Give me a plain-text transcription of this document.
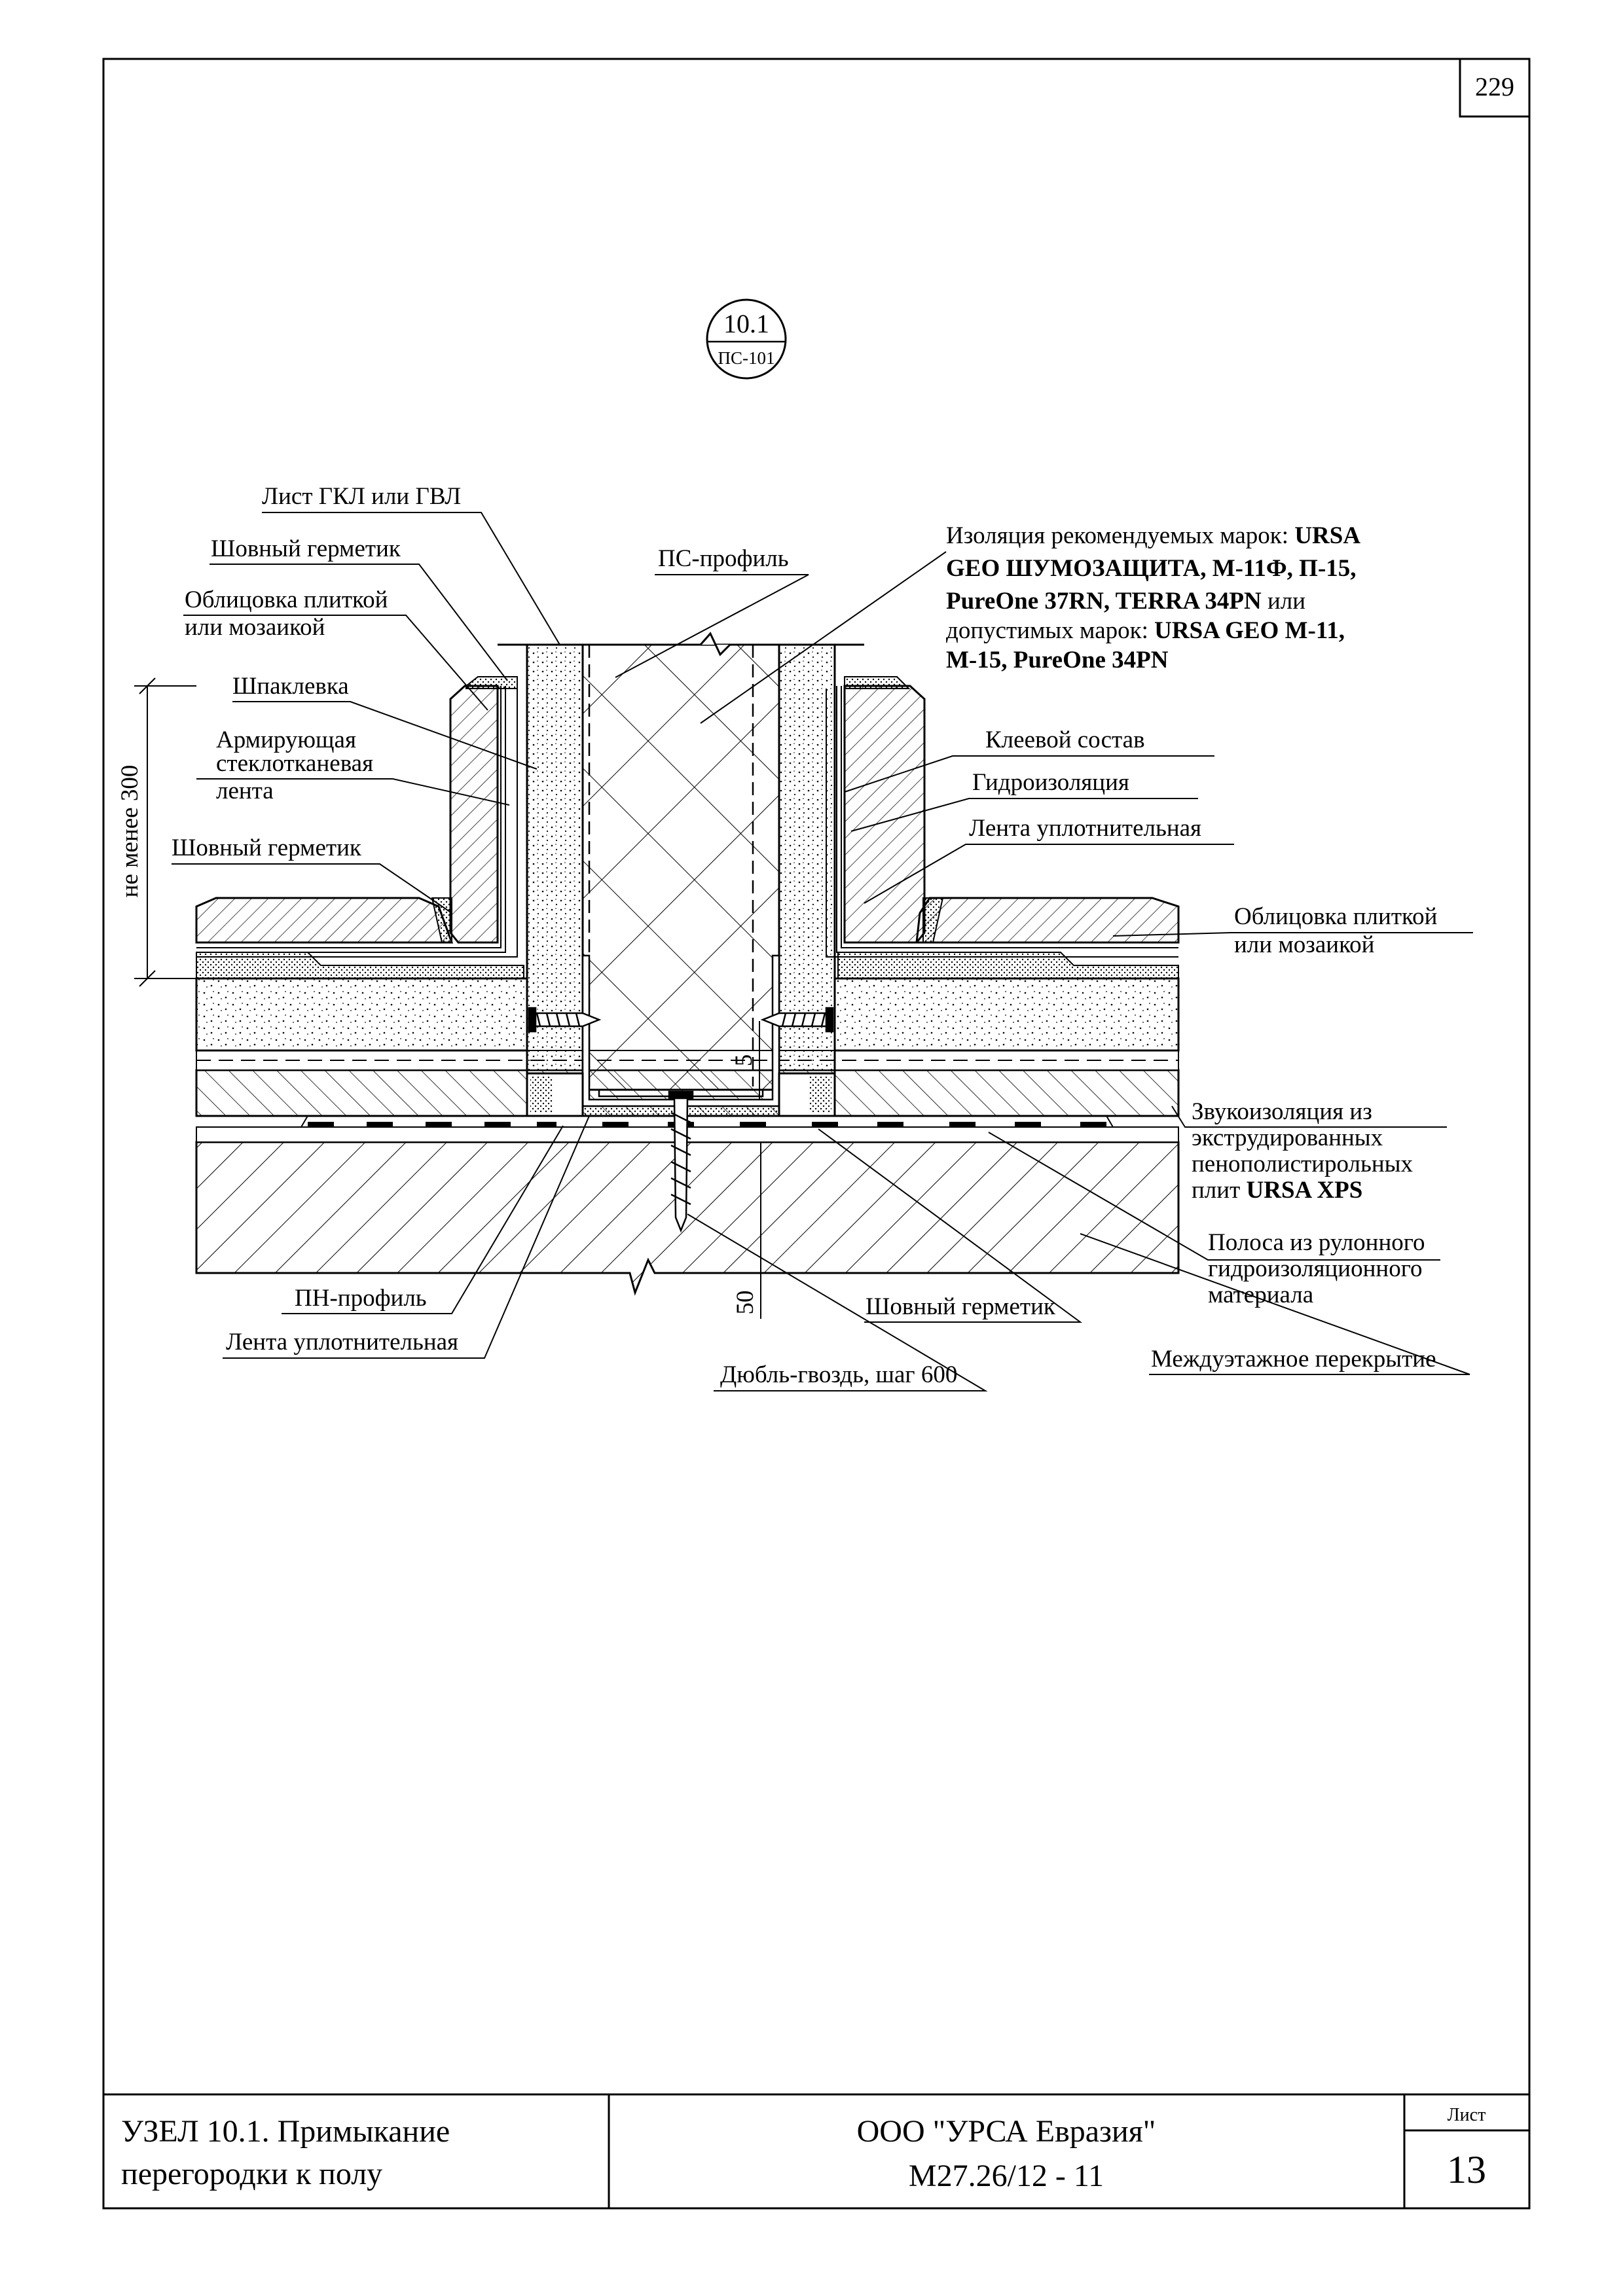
229
10.1
ПС-101
не менее 300
5
50
Лист ГКЛ или ГВЛ
Шовный герметик
Облицовка плиткой
или мозаикой
Шпаклевка
Армирующая
стеклотканевая
лента
Шовный герметик
ПС-профиль
Изоляция рекомендуемых марок: URSA
GEO ШУМОЗАЩИТА, М-11Ф, П-15,
PureOne 37RN, TERRA 34PN или
допустимых марок: URSA GEO М-11,
М-15, PureOne 34PN
Клеевой состав
Гидроизоляция
Лента уплотнительная
Облицовка плиткой
или мозаикой
Звукоизоляция из
экструдированных
пенополистирольных
плит URSA XPS
Полоса из рулонного
гидроизоляционного
материала
ПН-профиль
Лента уплотнительная
Шовный герметик
Дюбль-гвоздь, шаг 600
Междуэтажное перекрытие
УЗЕЛ 10.1. Примыкание
перегородки к полу
ООО "УРСА Евразия"
М27.26/12 - 11
Лист
13
